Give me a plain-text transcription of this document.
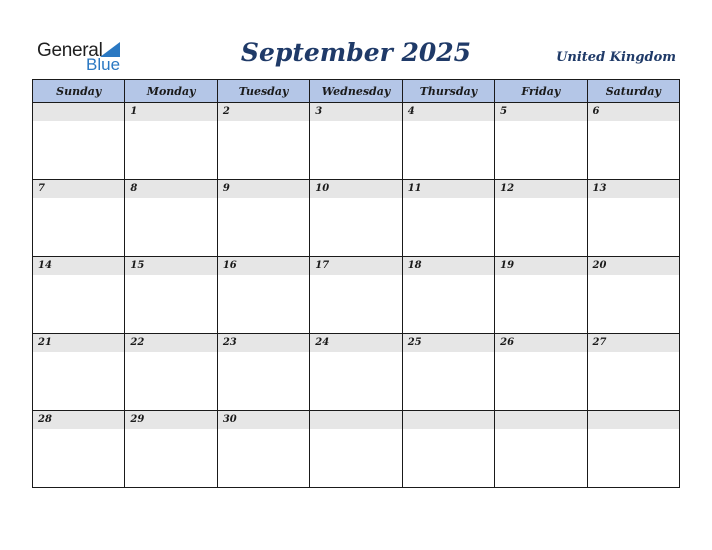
General
Blue	September 2025	United Kingdom
Sunday	Monday	Tuesday	Wednesday	Thursday	Friday	Saturday

	1	2	3	4	5	6

7	8	9	10	11	12	13

14	15	16	17	18	19	20

21	22	23	24	25	26	27

28	29	30				
